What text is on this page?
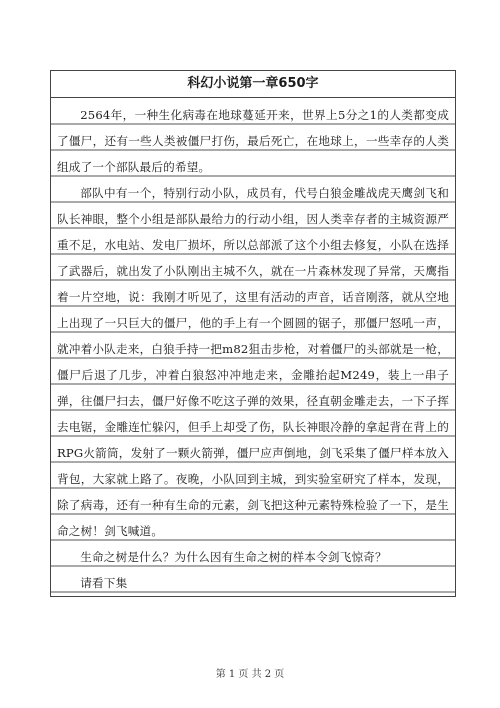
科幻小说第一章650字

2564年，一种生化病毒在地球蔓延开来，世界上5分之1的人类都变成了僵尸，还有一些人类被僵尸打伤，最后死亡，在地球上，一些幸存的人类组成了一个部队最后的希望。

部队中有一个，特别行动小队，成员有，代号白狼金雕战虎天鹰剑飞和队长神眼，整个小组是部队最给力的行动小组，因人类幸存者的主城资源严重不足，水电站、发电厂损坏，所以总部派了这个小组去修复，小队在选择了武器后，就出发了小队刚出主城不久，就在一片森林发现了异常，天鹰指着一片空地，说：我刚才听见了，这里有活动的声音，话音刚落，就从空地上出现了一只巨大的僵尸，他的手上有一个圆圆的锯子，那僵尸怒吼一声，就冲着小队走来，白狼手持一把m82狙击步枪，对着僵尸的头部就是一枪，僵尸后退了几步，冲着白狼怒冲冲地走来，金雕抬起M249，装上一串子弹，往僵尸扫去，僵尸好像不吃这子弹的效果，径直朝金雕走去，一下子挥去电锯，金雕连忙躲闪，但手上却受了伤，队长神眼冷静的拿起背在背上的RPG火箭筒，发射了一颗火箭弹，僵尸应声倒地，剑飞采集了僵尸样本放入背包，大家就上路了。夜晚，小队回到主城，到实验室研究了样本，发现，除了病毒，还有一种有生命的元素，剑飞把这种元素特殊检验了一下，是生命之树！剑飞喊道。

生命之树是什么？为什么因有生命之树的样本令剑飞惊奇？

请看下集

第 1 页 共 2 页
